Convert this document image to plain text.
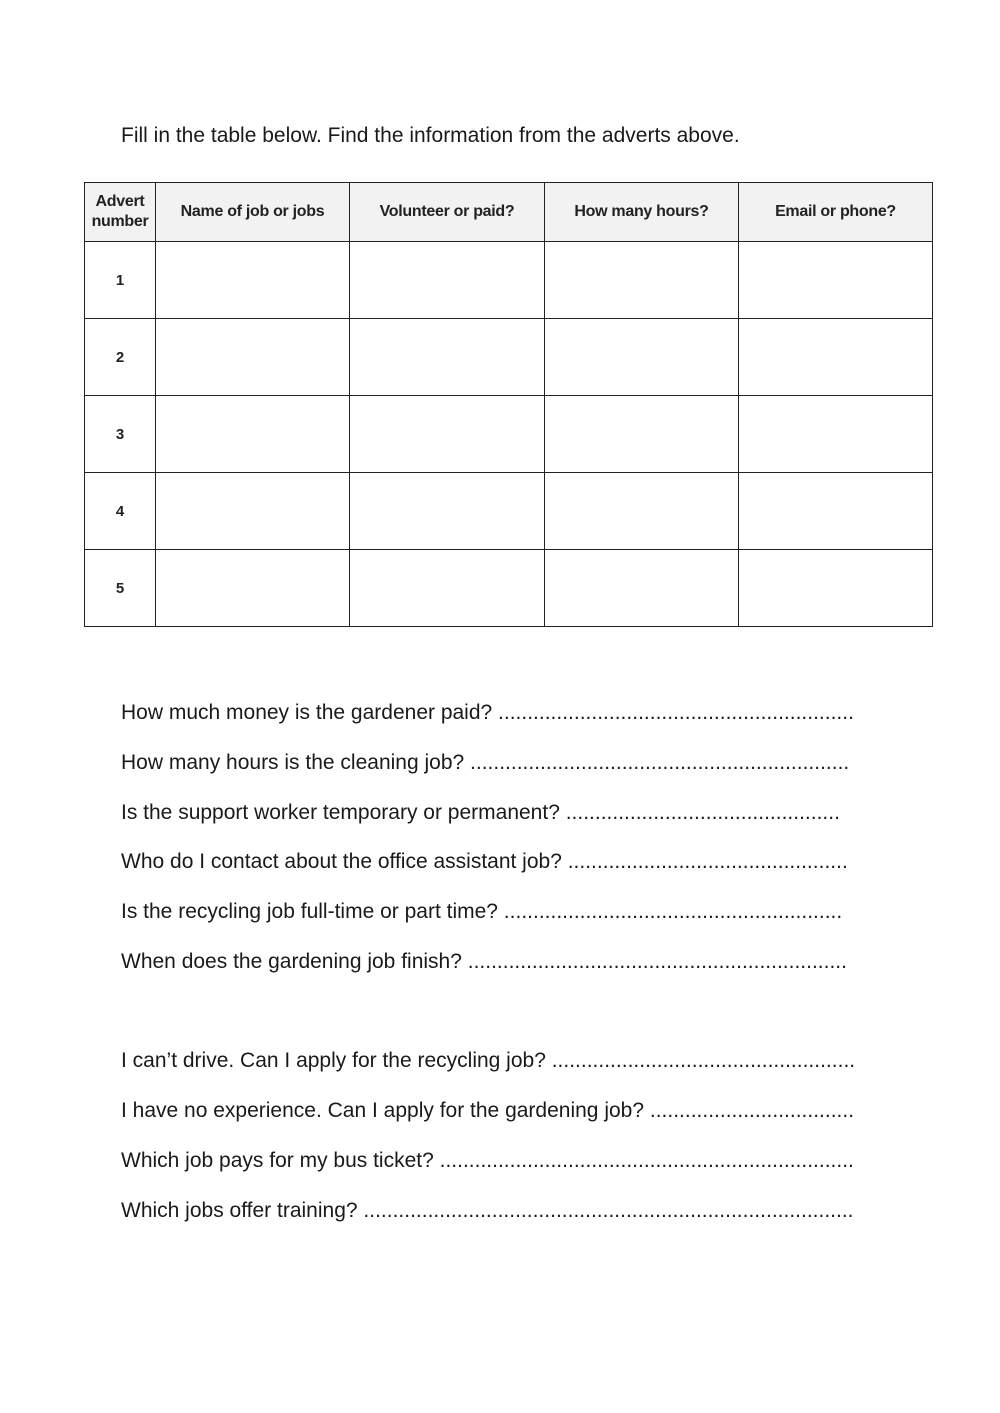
Fill in the table below. Find the information from the adverts above.
Advert number	Name of job or jobs	Volunteer or paid?	How many hours?	Email or phone?
1				
2				
3				
4				
5				
How much money is the gardener paid? .............................................................
How many hours is the cleaning job? .................................................................
Is the support worker temporary or permanent? ...............................................
Who do I contact about the office assistant job? ................................................
Is the recycling job full-time or part time? ..........................................................
When does the gardening job finish? .................................................................
I can’t drive. Can I apply for the recycling job? ....................................................
I have no experience. Can I apply for the gardening job? ...................................
Which job pays for my bus ticket? .......................................................................
Which jobs offer training? ....................................................................................
